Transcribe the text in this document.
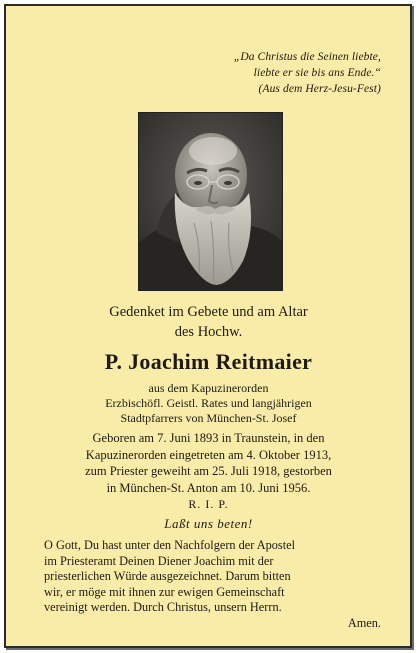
„Da Christus die Seinen liebte,
liebte er sie bis ans Ende.“
(Aus dem Herz-Jesu-Fest)
Gedenket im Gebete und am Altar
des Hochw.
P. Joachim Reitmaier
aus dem Kapuzinerorden
Erzbischöfl. Geistl. Rates und langjährigen
Stadtpfarrers von München-St. Josef
Geboren am 7. Juni 1893 in Traunstein, in den
Kapuzinerorden eingetreten am 4. Oktober 1913,
zum Priester geweiht am 25. Juli 1918, gestorben
in München-St. Anton am 10. Juni 1956.
R. I. P.
Laßt uns beten!
O Gott, Du hast unter den Nachfolgern der Apostel
im Priesteramt Deinen Diener Joachim mit der
priesterlichen Würde ausgezeichnet. Darum bitten
wir, er möge mit ihnen zur ewigen Gemeinschaft
vereinigt werden. Durch Christus, unsern Herrn.
Amen.
